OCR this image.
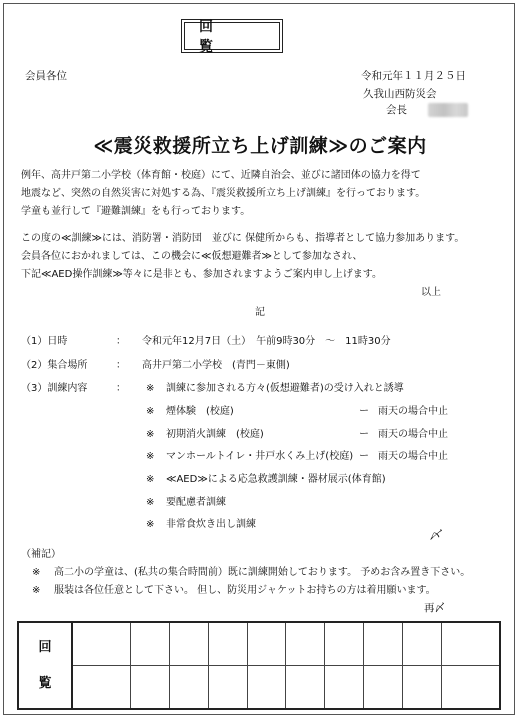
回　覧
会員各位	令和元年１１月２５日
久我山西防災会
会長
≪震災救援所立ち上げ訓練≫のご案内
例年、高井戸第二小学校（体育館・校庭）にて、近隣自治会、並びに諸団体の協力を得て
地震など、突然の自然災害に対処する為、『震災救援所立ち上げ訓練』を行っております。
学童も並行して『避難訓練』をも行っております。
この度の≪訓練≫には、消防署・消防団　並びに 保健所からも、指導者として協力参加あります。
会員各位におかれましては、この機会に≪仮想避難者≫として参加なされ、
下記≪AED操作訓練≫等々に是非とも、参加されますようご案内申し上げます。
以上
記
（1）日時	： 令和元年12月7日（土）　午前9時30分　～　11時30分
（2）集合場所	： 高井戸第二小学校　(青門－東側)
（3）訓練内容	： ※ 訓練に参加される方々(仮想避難者)の受け入れと誘導
※ 煙体験　(校庭)	ー 雨天の場合中止
※ 初期消火訓練　(校庭)	ー 雨天の場合中止
※ マンホールトイレ・井戸水くみ上げ(校庭) ー 雨天の場合中止
※ ≪AED≫による応急救護訓練・器材展示(体育館)
※ 要配慮者訓練
※ 非常食炊き出し訓練
〆
（補記）
※ 高二小の学童は、(私共の集合時間前）既に訓練開始しております。 予めお含み置き下さい。
※ 服装は各位任意として下さい。 但し、防災用ジャケットお持ちの方は着用願います。
再〆
回
覧										
